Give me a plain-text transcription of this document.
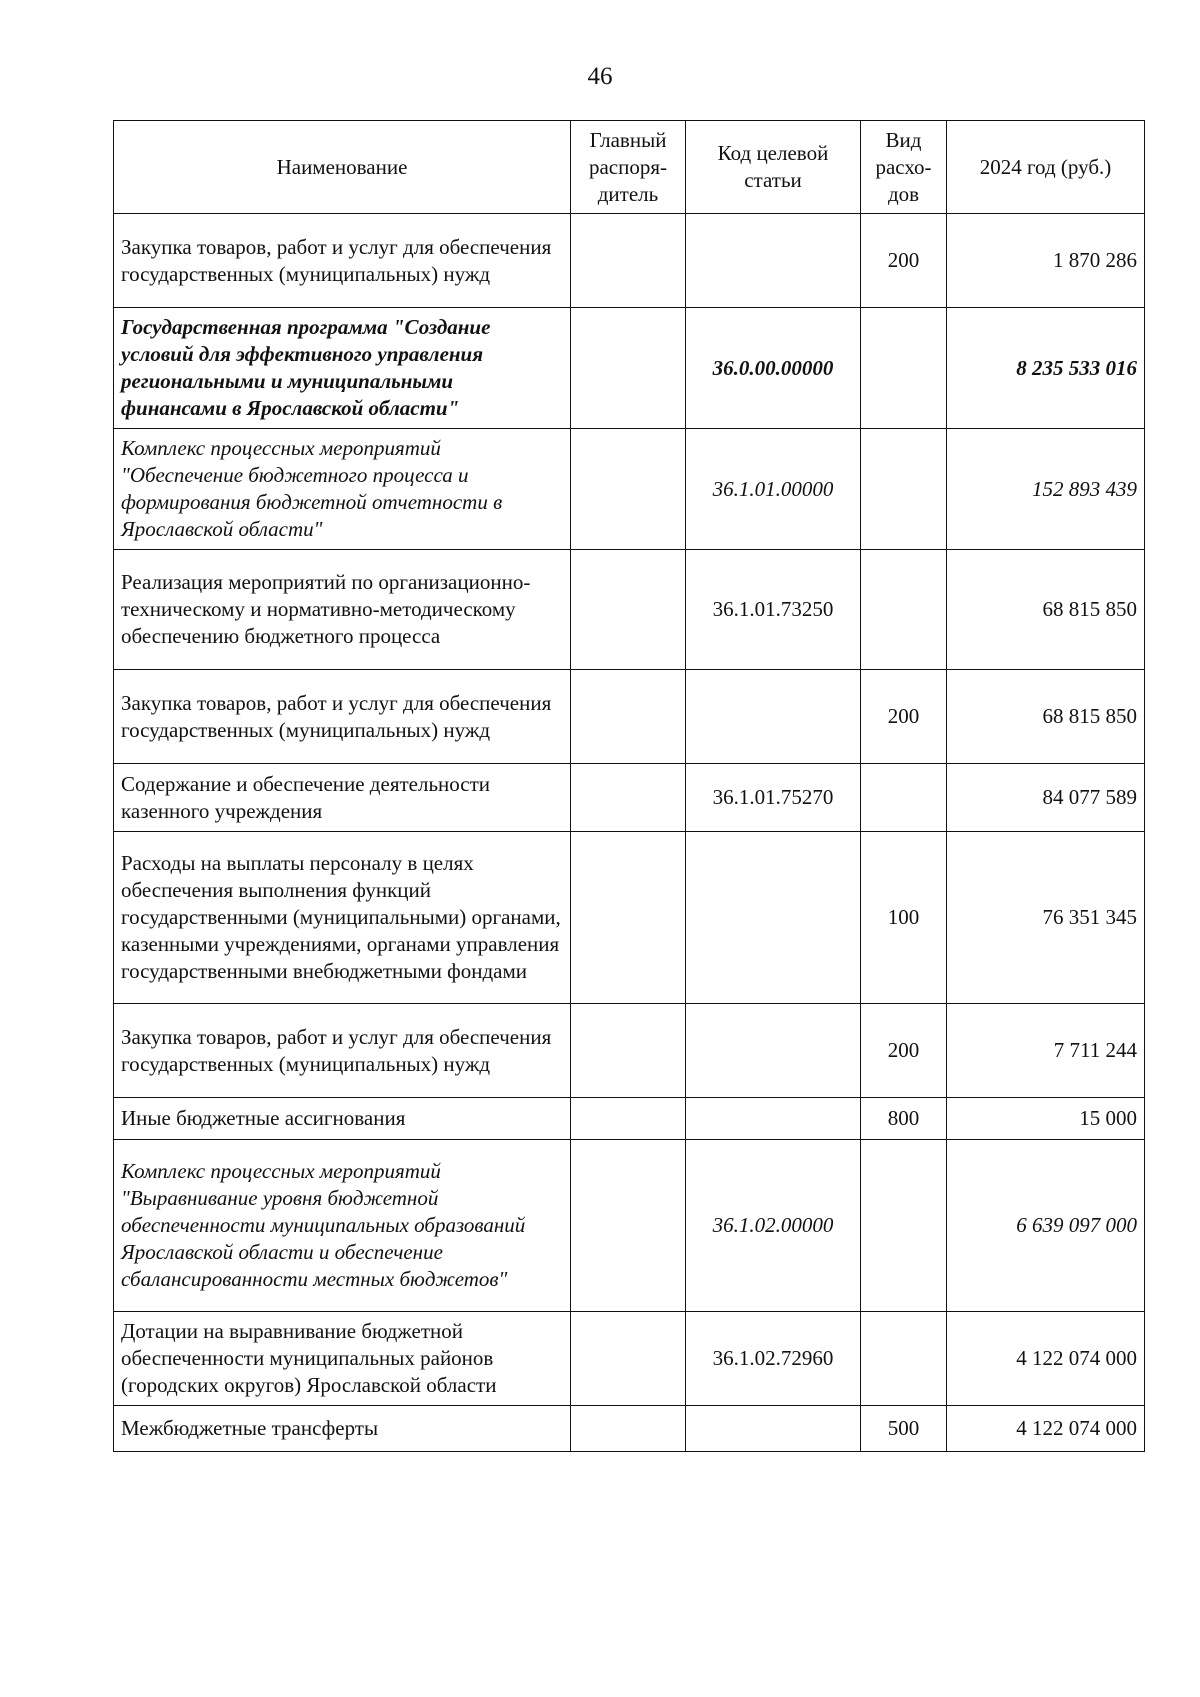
46
Наименование	Главный распоря-дитель	Код целевой статьи	Вид расхо-дов	2024 год (руб.)
Закупка товаров, работ и услуг для обеспечения государственных (муниципальных) нужд			200	1 870 286
Государственная программа "Создание условий для эффективного управления региональными и муниципальными финансами в Ярославской области"		36.0.00.00000		8 235 533 016
Комплекс процессных мероприятий "Обеспечение бюджетного процесса и формирования бюджетной отчетности в Ярославской области"		36.1.01.00000		152 893 439
Реализация мероприятий по организационно-техническому и нормативно-методическому обеспечению бюджетного процесса		36.1.01.73250		68 815 850
Закупка товаров, работ и услуг для обеспечения государственных (муниципальных) нужд			200	68 815 850
Содержание и обеспечение деятельности казенного учреждения		36.1.01.75270		84 077 589
Расходы на выплаты персоналу в целях обеспечения выполнения функций государственными (муниципальными) органами, казенными учреждениями, органами управления государственными внебюджетными фондами			100	76 351 345
Закупка товаров, работ и услуг для обеспечения государственных (муниципальных) нужд			200	7 711 244
Иные бюджетные ассигнования			800	15 000
Комплекс процессных мероприятий "Выравнивание уровня бюджетной обеспеченности муниципальных образований Ярославской области и обеспечение сбалансированности местных бюджетов"		36.1.02.00000		6 639 097 000
Дотации на выравнивание бюджетной обеспеченности муниципальных районов (городских округов) Ярославской области		36.1.02.72960		4 122 074 000
Межбюджетные трансферты			500	4 122 074 000
